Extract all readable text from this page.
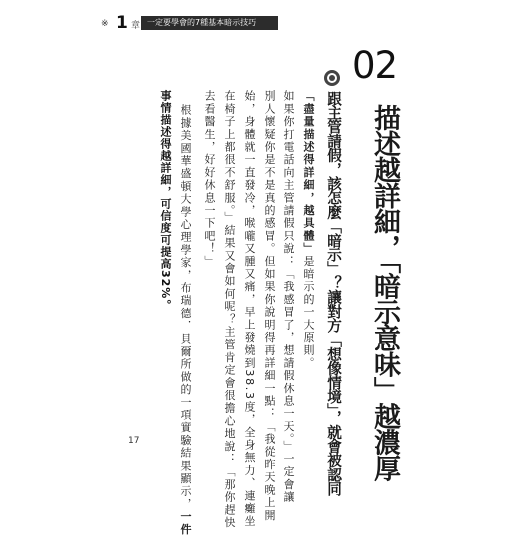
※ 1 章 一定要學會的7種基本暗示技巧
02
描述越詳細，「暗示意味」越濃厚
跟主管請假，該怎麼「暗示」？讓對方「想像情境」，就會被認同
「盡量描述得詳細，越具體」是暗示的一大原則。
如果你打電話向主管請假只說：「我感冒了，想請假休息一天。」一定會讓
別人懷疑你是不是真的感冒。但如果你說明得再詳細一點：「我從昨天晚上開
始，身體就一直發冷，喉嚨又腫又痛，早上發燒到38.3度，全身無力、連癱坐
在椅子上都很不舒服。」結果又會如何呢？主管肯定會很擔心地說：「那你趕快
去看醫生，好好休息一下吧！」
根據美國華盛頓大學心理學家，布瑞德．貝爾所做的一項實驗結果顯示，一件
事情描述得越詳細，可信度可提高32%。
17
